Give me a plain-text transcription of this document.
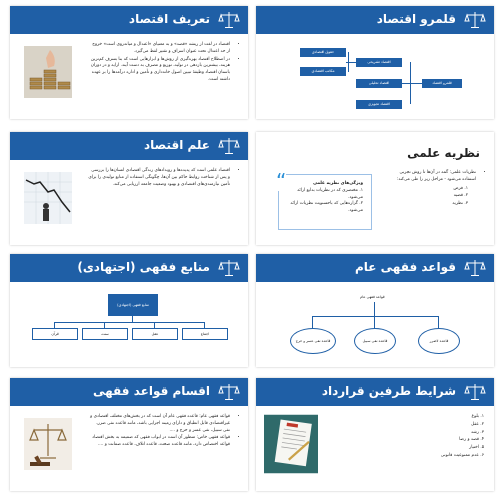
قلمرو اقتصاد
حقوق اقتصادی
مکاتب اقتصادی
اقتصاد تشریحی
اقتصاد تحلیلی
اقتصاد تجویزی
قلمرو اقتصاد
تعریف اقتصاد
• اقتصاد در لغت از ریشه «قصد» و به معنیای «اعتدال و میانه‌روی است» خروج از حد اعتدال تحت عنوان اسراف و تقتیر لفظ می‌گیرد.
• در اصطلاح اقتصاد بهره‌گیری از روش‌ها و ابزارهایی است که بنا بسرف کم‌ترین هزینه، بیشترین بازدهی در تولید، توزیع و مصرف به دست آیند. ارایه و در دوران باستان اقتصاد وظیفهٔ تبیین اصول خانه‌داری و تأمین و اداره درآمدها را بر عهده داشته است.
نظریه علمی
• نظریات علمی: گمه در آن‌ها تا روش تجربی استفاده می‌شود - مراحل زیر را طی می‌کند:
۱. فرض
۲. قضیه
۳. نظریه
“	ویژگی‌های نظریه علمی
۱. مختصری که در نظریات بدایع ارائه می‌شود.
۲. گزاره‌هایی که باحسنویت نظریات ارائه می‌شود.
علم اقتصاد
• اقتصاد علمی است که پدیده‌ها و رویدادهای زندگی اقتصادی انسان‌ها را بررسی و پس از شناخت روابط حاکم بین آن‌ها، چگونگی استفاده از منابع تولیدی را برای تأمین نیازمندی‌های اقتصادی و بهبود وضعیت جامعه ارزیابی می‌کند.
قواعد فقهی عام
قواعد فقهی عام
قاعده لاضرر
قاعده نفی سبیل
قاعده نفی عسر و حرج
منابع فقهی (اجتهادی)
منابع فقهی (اجتهادی)
اجماع
عقل
سنت
قرآن
شرایط طرفین قرارداد
۱. بلوغ
۲. عقل
۳. رشد
۴. قصد و رضا
۵. اختیار
۶. عدم ممنوعیت قانونی
اقسام قواعد فقهی
• قواعد فقهی عام: قاعده فقهی عام آن است که در بخش‌های مختلف اقتصادی و غیراقتصادی قابل انطباق و دارای زمینه اجرایی باشد، مانند قاعده نفی ضرر، نفی سبیل، نفی عسر و حرج و ....
• قواعد فقهی خاص: منظور آن است در ابواب فقهی که ضمیمه به بخش اقتصاد قواعد اختصاص دارد، مانند قاعده صحت، قاعده اتلاف، قاعده ضمانت و ....
